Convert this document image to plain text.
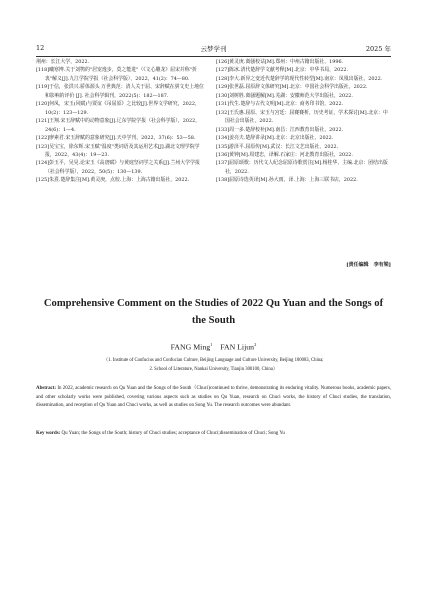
12	云梦学刊	2025 年
荆州：长江大学，2022.
[118]曦寒博.关于刘鹗的"居宠逸步，莫之能进"（《文心雕龙》屈宋并称"折衷"解义[J].九江学院学报（社会科学版），2022，41(2)：74—80.
[119]于信，张洪兴.骄体源头 万世典范：清人关于屈、宋辞赋在骈文史上地位和影响的评价 [J]. 社会科学辑刊，2022(5)：182—187.
[120]何凤，宋玉(风赋)与贾谊《吊屈原》之比较[J].世界文学研究，2022，10(2)：123—129.
[121]王翔.宋玉辞赋中的动物意象[J].辽东学院学报（社会科学版），2022，24(6)：1—4.
[122]廖素君.宋玉辞赋的意象研究[J].天中学刊，2022，37(6)：53—58.
[123]吴宝宝，徐东辉.宋玉赋"温度"类词语及其运用艺术[J].湖北文理学院学报，2022，43(4)：19—23.
[124]彭玉平，吴昊.论宋玉《高唐赋》与黄庭坚词学之关系[J].兰州大学学报（社会科学版），2022，50(5)：130—139.
[125]朱熹.楚辞集注[M].黄灵庚，点校.上海：上海古籍出版社，2022.
[126]黄灵庚.离骚校诂[M].郑州：中州古籍出版社，1996.
[127]陈冰.清代楚辞学文献考释[M].北京：中华书局，2022.
[128]李大.新异之变近代楚辞学的现代性转型[M].南京：凤凰出版社，2022.
[129]张世磊.屈原辞文体研究[M].北京：中国社会科学出版社，2022.
[130]刘树胜.离骚题解[M].芜湖：安徽师范大学出版社，2022.
[131]代生.楚辞与古代文明[M].北京：商务印书馆，2022.
[132]王氏惠.屈原、宋玉与宫廷：屈賽賽析，历史考证，学术探讨[M].北京：中国社会出版社，2022.
[133]周一多.楚辞校补[M].南昌：江西教育出版社，2022.
[134]姜亮夫.楚辞讲录[M].北京：北京出版社，2022.
[135]游泽平.屈原传[M].武汉：长江文艺出版社，2022.
[136]黄钟[M].周建忠，译解.石家庄：河北教育出版社，2022.
[137]屈原颂歌：历代文人纪念屈原诗歌赏注[M].杨桂华，主编.北京：团结出版社，2022.
[138]屈原诗选英译[M].孙大雨，译.上海：上海三联书店，2022.
[责任编辑　李有梁]
Comprehensive Comment on the Studies of 2022 Qu Yuan and the Songs of the South
FANG Ming$^1$ FAN Lijun$^2$
（1. Institute of Confucius and Confucian Culture, Beijing Language and Culture University, Beijing 100083, China;
2. School of Literature, Nankai University, Tianjin 300100, China）
Abstract: In 2022, academic research on Qu Yuan and the Songs of the South（Chuci)continued to thrive, demonstrating its enduring vitality. Numerous books, academic papers, and other scholarly works were published, covering various aspects such as studies on Qu Yuan, research on Chuci works, the history of Chuci studies, the translation, dissemination, and reception of Qu Yuan and Chuci works, as well as studies on Song Yu. The research outcomes were abundant.
Key words: Qu Yuan; the Songs of the South; history of Chuci studies; acceptance of Chuci;dissemination of Chuci; Song Yu
